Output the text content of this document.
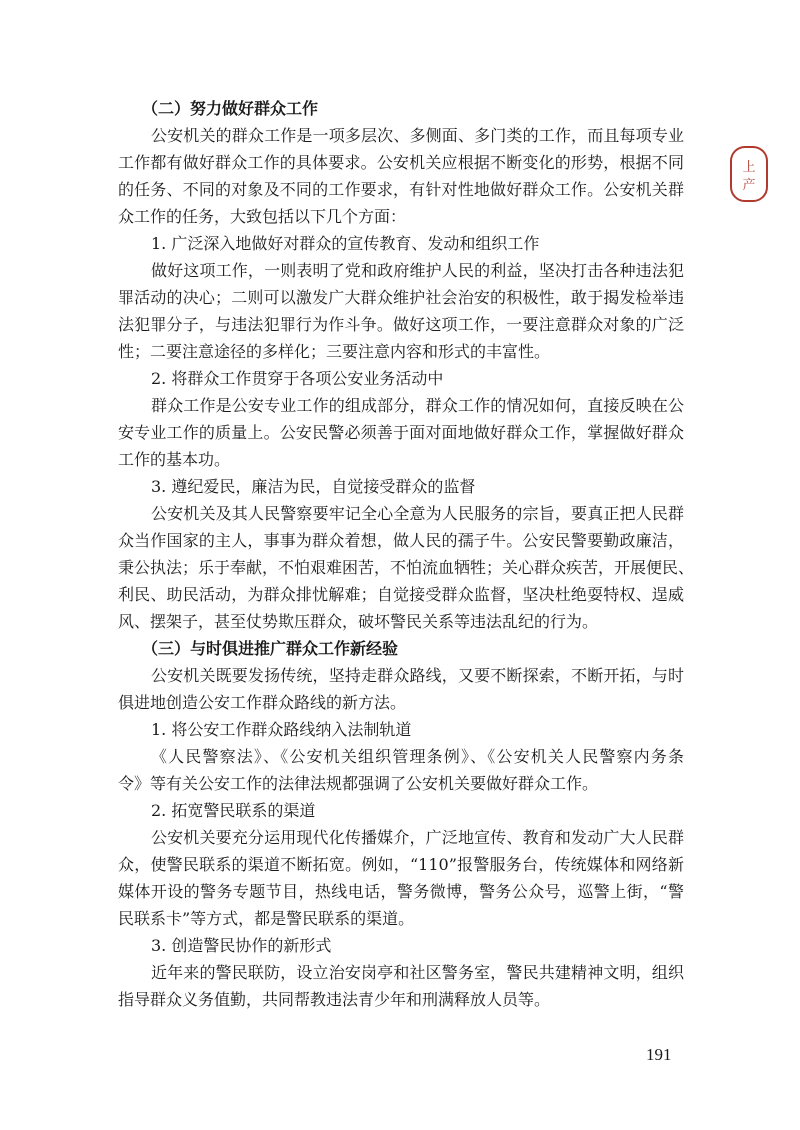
上
产
（二）努力做好群众工作
公安机关的群众工作是一项多层次、多侧面、多门类的工作，而且每项专业
工作都有做好群众工作的具体要求。公安机关应根据不断变化的形势，根据不同
的任务、不同的对象及不同的工作要求，有针对性地做好群众工作。公安机关群
众工作的任务，大致包括以下几个方面：
1. 广泛深入地做好对群众的宣传教育、发动和组织工作
做好这项工作，一则表明了党和政府维护人民的利益，坚决打击各种违法犯
罪活动的决心；二则可以激发广大群众维护社会治安的积极性，敢于揭发检举违
法犯罪分子，与违法犯罪行为作斗争。做好这项工作，一要注意群众对象的广泛
性；二要注意途径的多样化；三要注意内容和形式的丰富性。
2. 将群众工作贯穿于各项公安业务活动中
群众工作是公安专业工作的组成部分，群众工作的情况如何，直接反映在公
安专业工作的质量上。公安民警必须善于面对面地做好群众工作，掌握做好群众
工作的基本功。
3. 遵纪爱民，廉洁为民，自觉接受群众的监督
公安机关及其人民警察要牢记全心全意为人民服务的宗旨，要真正把人民群
众当作国家的主人，事事为群众着想，做人民的孺子牛。公安民警要勤政廉洁，
秉公执法；乐于奉献，不怕艰难困苦，不怕流血牺牲；关心群众疾苦，开展便民、
利民、助民活动，为群众排忧解难；自觉接受群众监督，坚决杜绝耍特权、逞威
风、摆架子，甚至仗势欺压群众，破坏警民关系等违法乱纪的行为。
（三）与时俱进推广群众工作新经验
公安机关既要发扬传统，坚持走群众路线，又要不断探索，不断开拓，与时
俱进地创造公安工作群众路线的新方法。
1. 将公安工作群众路线纳入法制轨道
《人民警察法》、《公安机关组织管理条例》、《公安机关人民警察内务条
令》等有关公安工作的法律法规都强调了公安机关要做好群众工作。
2. 拓宽警民联系的渠道
公安机关要充分运用现代化传播媒介，广泛地宣传、教育和发动广大人民群
众，使警民联系的渠道不断拓宽。例如，“110”报警服务台，传统媒体和网络新
媒体开设的警务专题节目，热线电话，警务微博，警务公众号，巡警上街，“警
民联系卡”等方式，都是警民联系的渠道。
3. 创造警民协作的新形式
近年来的警民联防，设立治安岗亭和社区警务室，警民共建精神文明，组织
指导群众义务值勤，共同帮教违法青少年和刑满释放人员等。
191
